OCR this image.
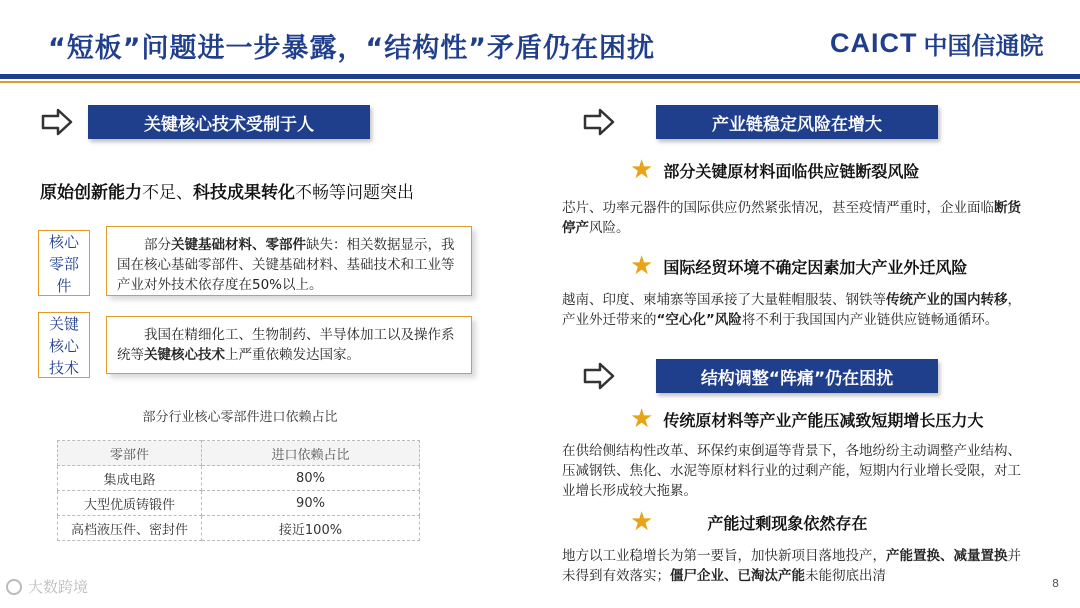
“短板”问题进一步暴露，“结构性”矛盾仍在困扰	CAICT 中国信通院
关键核心技术受制于人
原始创新能力不足、科技成果转化不畅等问题突出
核心
零部
件
部分关键基础材料、零部件缺失：相关数据显示，我国在核心基础零部件、关键基础材料、基础技术和工业等产业对外技术依存度在50%以上。
关键
核心
技术
我国在精细化工、生物制药、半导体加工以及操作系统等关键核心技术上严重依赖发达国家。
部分行业核心零部件进口依赖占比
零部件	进口依赖占比
集成电路	80%
大型优质铸锻件	90%
高档液压件、密封件	接近100%
产业链稳定风险在增大
★ 部分关键原材料面临供应链断裂风险
芯片、功率元器件的国际供应仍然紧张情况，甚至疫情严重时，企业面临断货停产风险。
★ 国际经贸环境不确定因素加大产业外迁风险
越南、印度、柬埔寨等国承接了大量鞋帽服装、钢铁等传统产业的国内转移，产业外迁带来的“空心化”风险将不利于我国国内产业链供应链畅通循环。
结构调整“阵痛”仍在困扰
★ 传统原材料等产业产能压减致短期增长压力大
在供给侧结构性改革、环保约束倒逼等背景下，各地纷纷主动调整产业结构、压减钢铁、焦化、水泥等原材料行业的过剩产能，短期内行业增长受限，对工业增长形成较大拖累。
★	产能过剩现象依然存在
地方以工业稳增长为第一要旨，加快新项目落地投产，产能置换、减量置换并未得到有效落实；僵尸企业、已淘汰产能未能彻底出清
大数跨境	8
